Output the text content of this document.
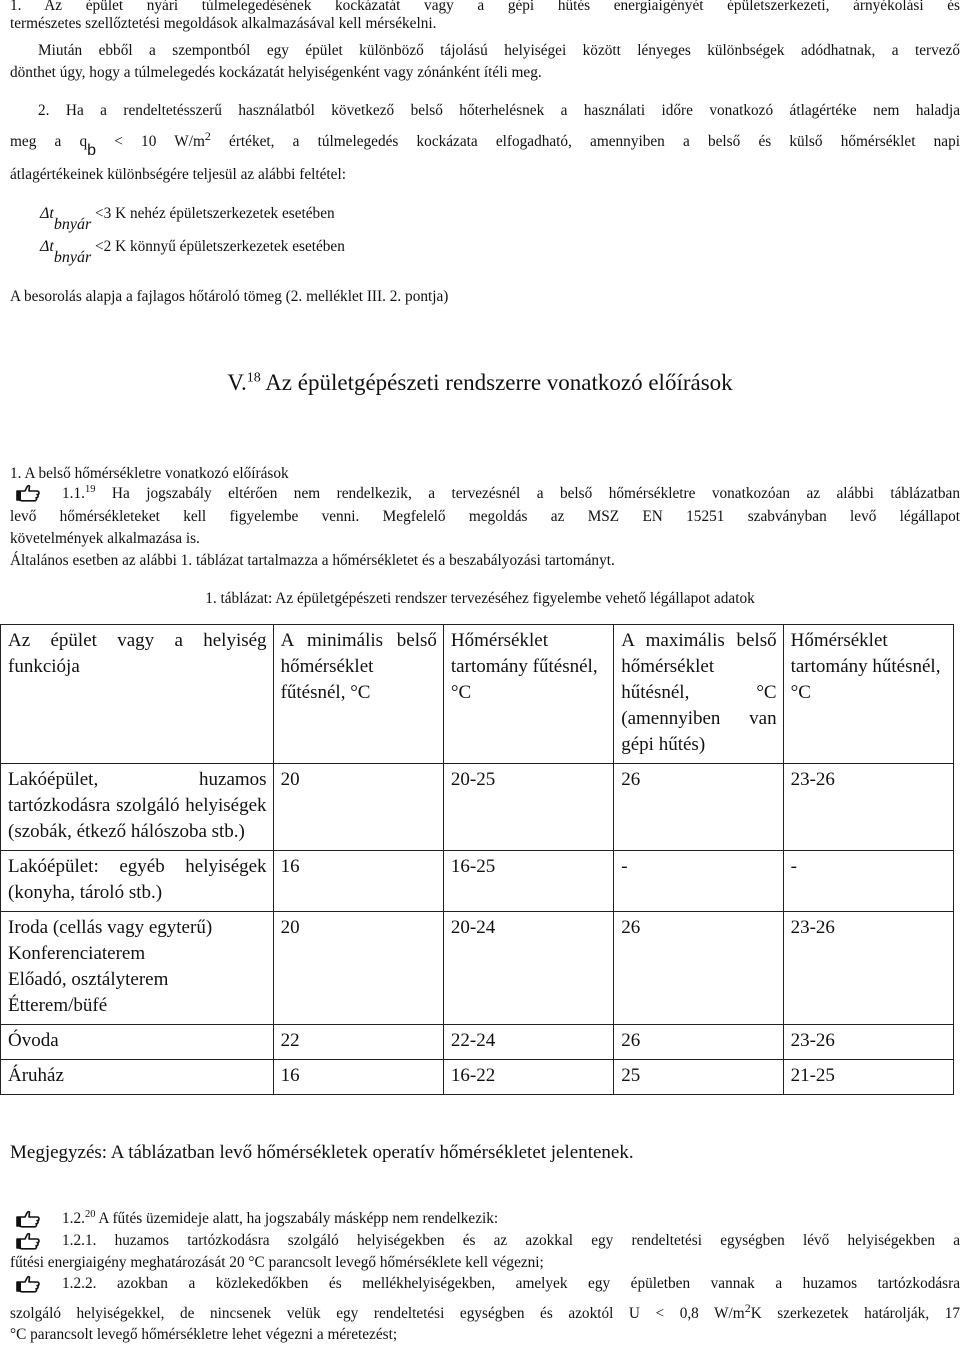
1. Az épület nyári túlmelegedésének kockázatát vagy a gépi hűtés energiaigényét épületszerkezeti, árnyékolási és
természetes szellőztetési megoldások alkalmazásával kell mérsékelni.
Miután ebből a szempontból egy épület különböző tájolású helyiségei között lényeges különbségek adódhatnak, a tervező
dönthet úgy, hogy a túlmelegedés kockázatát helyiségenként vagy zónánként ítéli meg.
2. Ha a rendeltetésszerű használatból következő belső hőterhelésnek a használati időre vonatkozó átlagértéke nem haladja
meg a qb < 10 $W/m^2$ értéket, a túlmelegedés kockázata elfogadható, amennyiben a belső és külső hőmérséklet napi
átlagértékeinek különbségére teljesül az alábbi feltétel:
Δtbnyár <3 K nehéz épületszerkezetek esetében
Δtbnyár <2 K könnyű épületszerkezetek esetében
A besorolás alapja a fajlagos hőtároló tömeg (2. melléklet III. 2. pontja)
V.$^{18}$ Az épületgépészeti rendszerre vonatkozó előírások
1. A belső hőmérsékletre vonatkozó előírások
1.1.19 Ha jogszabály eltérően nem rendelkezik, a tervezésnél a belső hőmérsékletre vonatkozóan az alábbi táblázatban
levő hőmérsékleteket kell figyelembe venni. Megfelelő megoldás az MSZ EN 15251 szabványban levő légállapot
követelmények alkalmazása is.
Általános esetben az alábbi 1. táblázat tartalmazza a hőmérsékletet és a beszabályozási tartományt.
1. táblázat: Az épületgépészeti rendszer tervezéséhez figyelembe vehető légállapot adatok
Az épület vagy a helyiség funkciója	A minimális belső hőmérséklet fűtésnél, °C	Hőmérséklet tartomány fűtésnél, °C	A maximális belső hőmérséklet hűtésnél, °C (amennyiben van gépi hűtés)	Hőmérséklet tartomány hűtésnél, °C
Lakóépület, huzamos tartózkodásra szolgáló helyiségek (szobák, étkező hálószoba stb.)	20	20-25	26	23-26
Lakóépület: egyéb helyiségek (konyha, tároló stb.)	16	16-25	-	-

Iroda (cellás vagy egyterű)
Konferenciaterem
Előadó, osztályterem
Étterem/büfé	20	20-24	26	23-26
Óvoda	22	22-24	26	23-26
Áruház	16	16-22	25	21-25
Megjegyzés: A táblázatban levő hőmérsékletek operatív hőmérsékletet jelentenek.
1.2.20 A fűtés üzemideje alatt, ha jogszabály másképp nem rendelkezik:
1.2.1. huzamos tartózkodásra szolgáló helyiségekben és az azokkal egy rendeltetési egységben lévő helyiségekben a
fűtési energiaigény meghatározását 20 °C parancsolt levegő hőmérséklete kell végezni;
1.2.2. azokban a közlekedőkben és mellékhelyiségekben, amelyek egy épületben vannak a huzamos tartózkodásra
szolgáló helyiségekkel, de nincsenek velük egy rendeltetési egységben és azoktól U < 0,8 $W/m^2K$ szerkezetek határolják, 17
°C parancsolt levegő hőmérsékletre lehet végezni a méretezést;
